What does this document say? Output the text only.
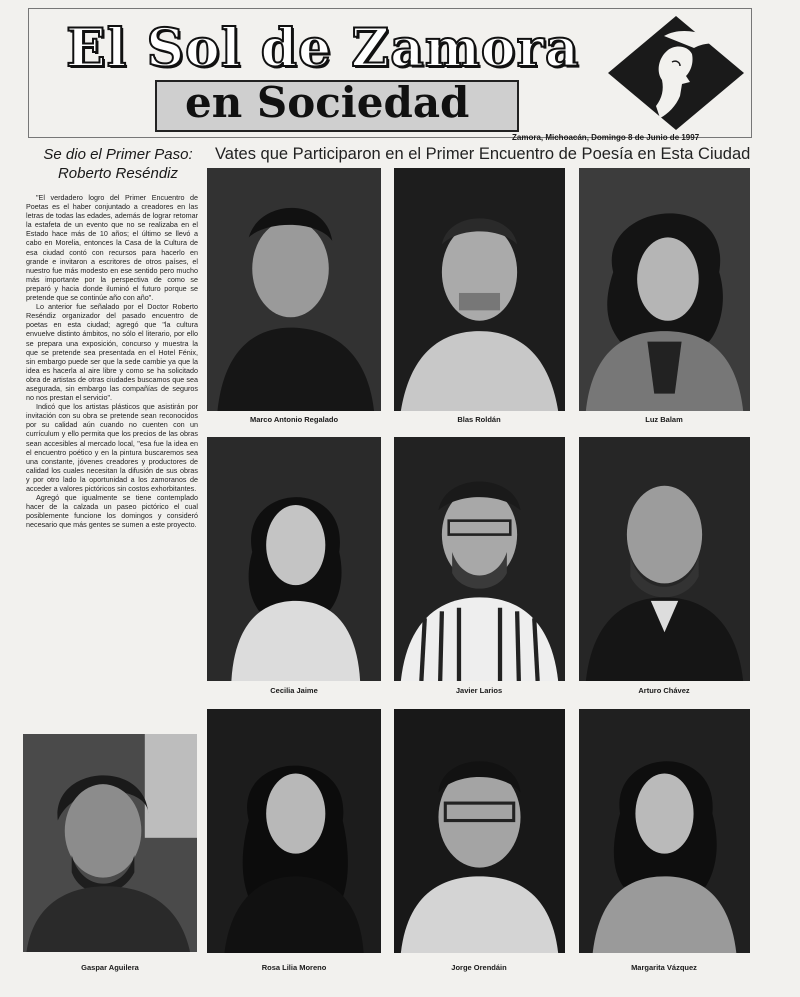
El Sol de Zamora
en Sociedad
Zamora, Michoacán, Domingo 8 de Junio de 1997
Vates que Participaron en el Primer Encuentro de Poesía en Esta Ciudad
Se dio el Primer Paso: Roberto Reséndiz

"El verdadero logro del Primer Encuentro de Poetas es el haber conjuntado a creadores en las letras de todas las edades, además de lograr retomar la estafeta de un evento que no se realizaba en el Estado hace más de 10 años; el último se llevó a cabo en Morelia, entonces la Casa de la Cultura de esa ciudad contó con recursos para hacerlo en grande e invitaron a escritores de otros países, el nuestro fue más modesto en ese sentido pero mucho más importante por la perspectiva de como se preparó y hacia donde iluminó el futuro porque se pretende que se continúe año con año".

Lo anterior fue señalado por el Doctor Roberto Reséndiz organizador del pasado encuentro de poetas en esta ciudad; agregó que "la cultura envuelve distinto ámbitos, no sólo el literario, por ello se prepara una exposición, concurso y muestra la que se pretende sea presentada en el Hotel Fénix, sin embargo puede ser que la sede cambie ya que la idea es hacerla al aire libre y como se ha solicitado obra de artistas de otras ciudades buscamos que sea asegurada, sin embargo las compañías de seguros no nos prestan el servicio".

Indicó que los artistas plásticos que asistirán por invitación con su obra se pretende sean reconocidos por su calidad aún cuando no cuenten con un currículum y ello permita que los precios de las obras sean accesibles al mercado local, "esa fue la idea en el encuentro poético y en la pintura buscaremos sea una constante, jóvenes creadores y productores de calidad los cuales necesitan la difusión de sus obras y por otro lado la oportunidad a los zamoranos de acceder a valores pictóricos sin costos exhorbitantes.

Agregó que igualmente se tiene contemplado hacer de la calzada un paseo pictórico el cual posiblemente funcione los domingos y consideró necesario que más gentes se sumen a este proyecto.

Marco Antonio Regalado	Blas Roldán	Luz Balam
Cecilia Jaime	Javier Larios	Arturo Chávez
Gaspar Aguilera	Rosa Lilia Moreno	Jorge Orendáin	Margarita Vázquez
